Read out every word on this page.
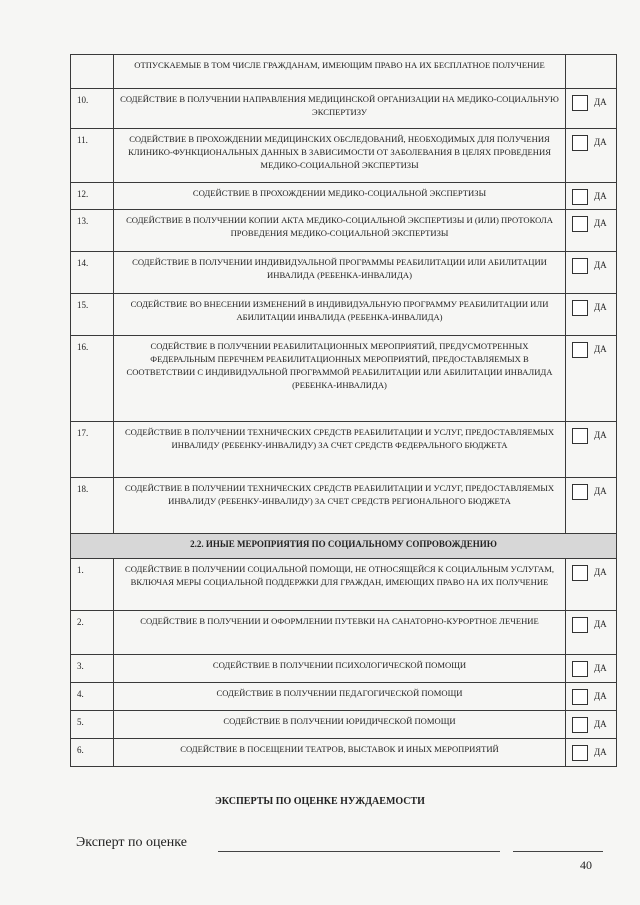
	ОТПУСКАЕМЫЕ В ТОМ ЧИСЛЕ ГРАЖДАНАМ, ИМЕЮЩИМ ПРАВО НА ИХ БЕСПЛАТНОЕ ПОЛУЧЕНИЕ	
10.	СОДЕЙСТВИЕ В ПОЛУЧЕНИИ НАПРАВЛЕНИЯ МЕДИЦИНСКОЙ ОРГАНИЗАЦИИ НА МЕДИКО-СОЦИАЛЬНУЮ ЭКСПЕРТИЗУ	ДА

11.	СОДЕЙСТВИЕ В ПРОХОЖДЕНИИ МЕДИЦИНСКИХ ОБСЛЕДОВАНИЙ, НЕОБХОДИМЫХ ДЛЯ ПОЛУЧЕНИЯ КЛИНИКО-ФУНКЦИОНАЛЬНЫХ ДАННЫХ В ЗАВИСИМОСТИ ОТ ЗАБОЛЕВАНИЯ В ЦЕЛЯХ ПРОВЕДЕНИЯ МЕДИКО-СОЦИАЛЬНОЙ ЭКСПЕРТИЗЫ	ДА

12.	СОДЕЙСТВИЕ В ПРОХОЖДЕНИИ МЕДИКО-СОЦИАЛЬНОЙ ЭКСПЕРТИЗЫ	ДА

13.	СОДЕЙСТВИЕ В ПОЛУЧЕНИИ КОПИИ АКТА МЕДИКО-СОЦИАЛЬНОЙ ЭКСПЕРТИЗЫ И (ИЛИ) ПРОТОКОЛА ПРОВЕДЕНИЯ МЕДИКО-СОЦИАЛЬНОЙ ЭКСПЕРТИЗЫ	ДА

14.	СОДЕЙСТВИЕ В ПОЛУЧЕНИИ ИНДИВИДУАЛЬНОЙ ПРОГРАММЫ РЕАБИЛИТАЦИИ ИЛИ АБИЛИТАЦИИ ИНВАЛИДА (РЕБЕНКА-ИНВАЛИДА)	ДА

15.	СОДЕЙСТВИЕ ВО ВНЕСЕНИИ ИЗМЕНЕНИЙ В ИНДИВИДУАЛЬНУЮ ПРОГРАММУ РЕАБИЛИТАЦИИ ИЛИ АБИЛИТАЦИИ ИНВАЛИДА (РЕБЕНКА-ИНВАЛИДА)	ДА

16.	СОДЕЙСТВИЕ В ПОЛУЧЕНИИ РЕАБИЛИТАЦИОННЫХ МЕРОПРИЯТИЙ, ПРЕДУСМОТРЕННЫХ ФЕДЕРАЛЬНЫМ ПЕРЕЧНЕМ РЕАБИЛИТАЦИОННЫХ МЕРОПРИЯТИЙ, ПРЕДОСТАВЛЯЕМЫХ В СООТВЕТСТВИИ С ИНДИВИДУАЛЬНОЙ ПРОГРАММОЙ РЕАБИЛИТАЦИИ ИЛИ АБИЛИТАЦИИ ИНВАЛИДА (РЕБЕНКА-ИНВАЛИДА)	ДА

17.	СОДЕЙСТВИЕ В ПОЛУЧЕНИИ ТЕХНИЧЕСКИХ СРЕДСТВ РЕАБИЛИТАЦИИ И УСЛУГ, ПРЕДОСТАВЛЯЕМЫХ ИНВАЛИДУ (РЕБЕНКУ-ИНВАЛИДУ) ЗА СЧЕТ СРЕДСТВ ФЕДЕРАЛЬНОГО БЮДЖЕТА	ДА

18.	СОДЕЙСТВИЕ В ПОЛУЧЕНИИ ТЕХНИЧЕСКИХ СРЕДСТВ РЕАБИЛИТАЦИИ И УСЛУГ, ПРЕДОСТАВЛЯЕМЫХ ИНВАЛИДУ (РЕБЕНКУ-ИНВАЛИДУ) ЗА СЧЕТ СРЕДСТВ РЕГИОНАЛЬНОГО БЮДЖЕТА	ДА

2.2. ИНЫЕ МЕРОПРИЯТИЯ ПО СОЦИАЛЬНОМУ СОПРОВОЖДЕНИЮ		
1.	СОДЕЙСТВИЕ В ПОЛУЧЕНИИ СОЦИАЛЬНОЙ ПОМОЩИ, НЕ ОТНОСЯЩЕЙСЯ К СОЦИАЛЬНЫМ УСЛУГАМ, ВКЛЮЧАЯ МЕРЫ СОЦИАЛЬНОЙ ПОДДЕРЖКИ ДЛЯ ГРАЖДАН, ИМЕЮЩИХ ПРАВО НА ИХ ПОЛУЧЕНИЕ	ДА

2.	СОДЕЙСТВИЕ В ПОЛУЧЕНИИ И ОФОРМЛЕНИИ ПУТЕВКИ НА САНАТОРНО-КУРОРТНОЕ ЛЕЧЕНИЕ	ДА

3.	СОДЕЙСТВИЕ В ПОЛУЧЕНИИ ПСИХОЛОГИЧЕСКОЙ ПОМОЩИ	ДА

4.	СОДЕЙСТВИЕ В ПОЛУЧЕНИИ ПЕДАГОГИЧЕСКОЙ ПОМОЩИ	ДА

5.	СОДЕЙСТВИЕ В ПОЛУЧЕНИИ ЮРИДИЧЕСКОЙ ПОМОЩИ	ДА

6.	СОДЕЙСТВИЕ В ПОСЕЩЕНИИ ТЕАТРОВ, ВЫСТАВОК И ИНЫХ МЕРОПРИЯТИЙ	ДА
ЭКСПЕРТЫ ПО ОЦЕНКЕ НУЖДАЕМОСТИ
Эксперт по оценке
40
